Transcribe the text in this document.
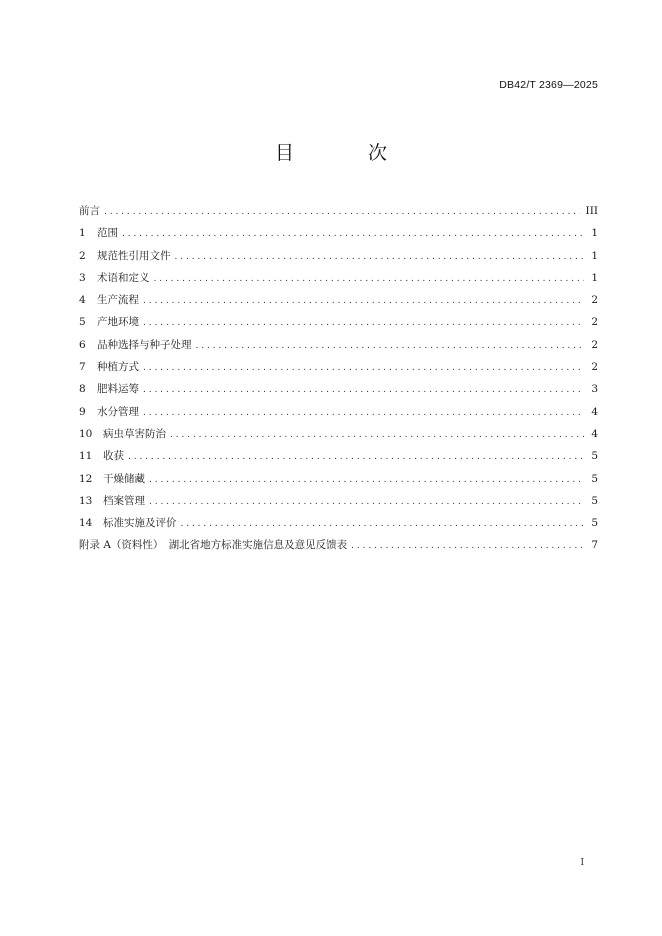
DB42/T 2369—2025
目 次
前言 . . .	III
1	范围 . . .	1
2	规范性引用文件 . . .	1
3	术语和定义 . . .	1
4	生产流程 . . .	2
5	产地环境 . . .	2
6	品种选择与种子处理 . . .	2
7	种植方式 . . .	2
8	肥料运筹 . . .	3
9	水分管理 . . .	4
10	病虫草害防治 . . .	4
11	收获 . . .	5
12	干燥储藏 . . .	5
13	档案管理 . . .	5
14	标准实施及评价 . . .	5
附录 A（资料性）　湖北省地方标准实施信息及意见反馈表 . . .	7
I
